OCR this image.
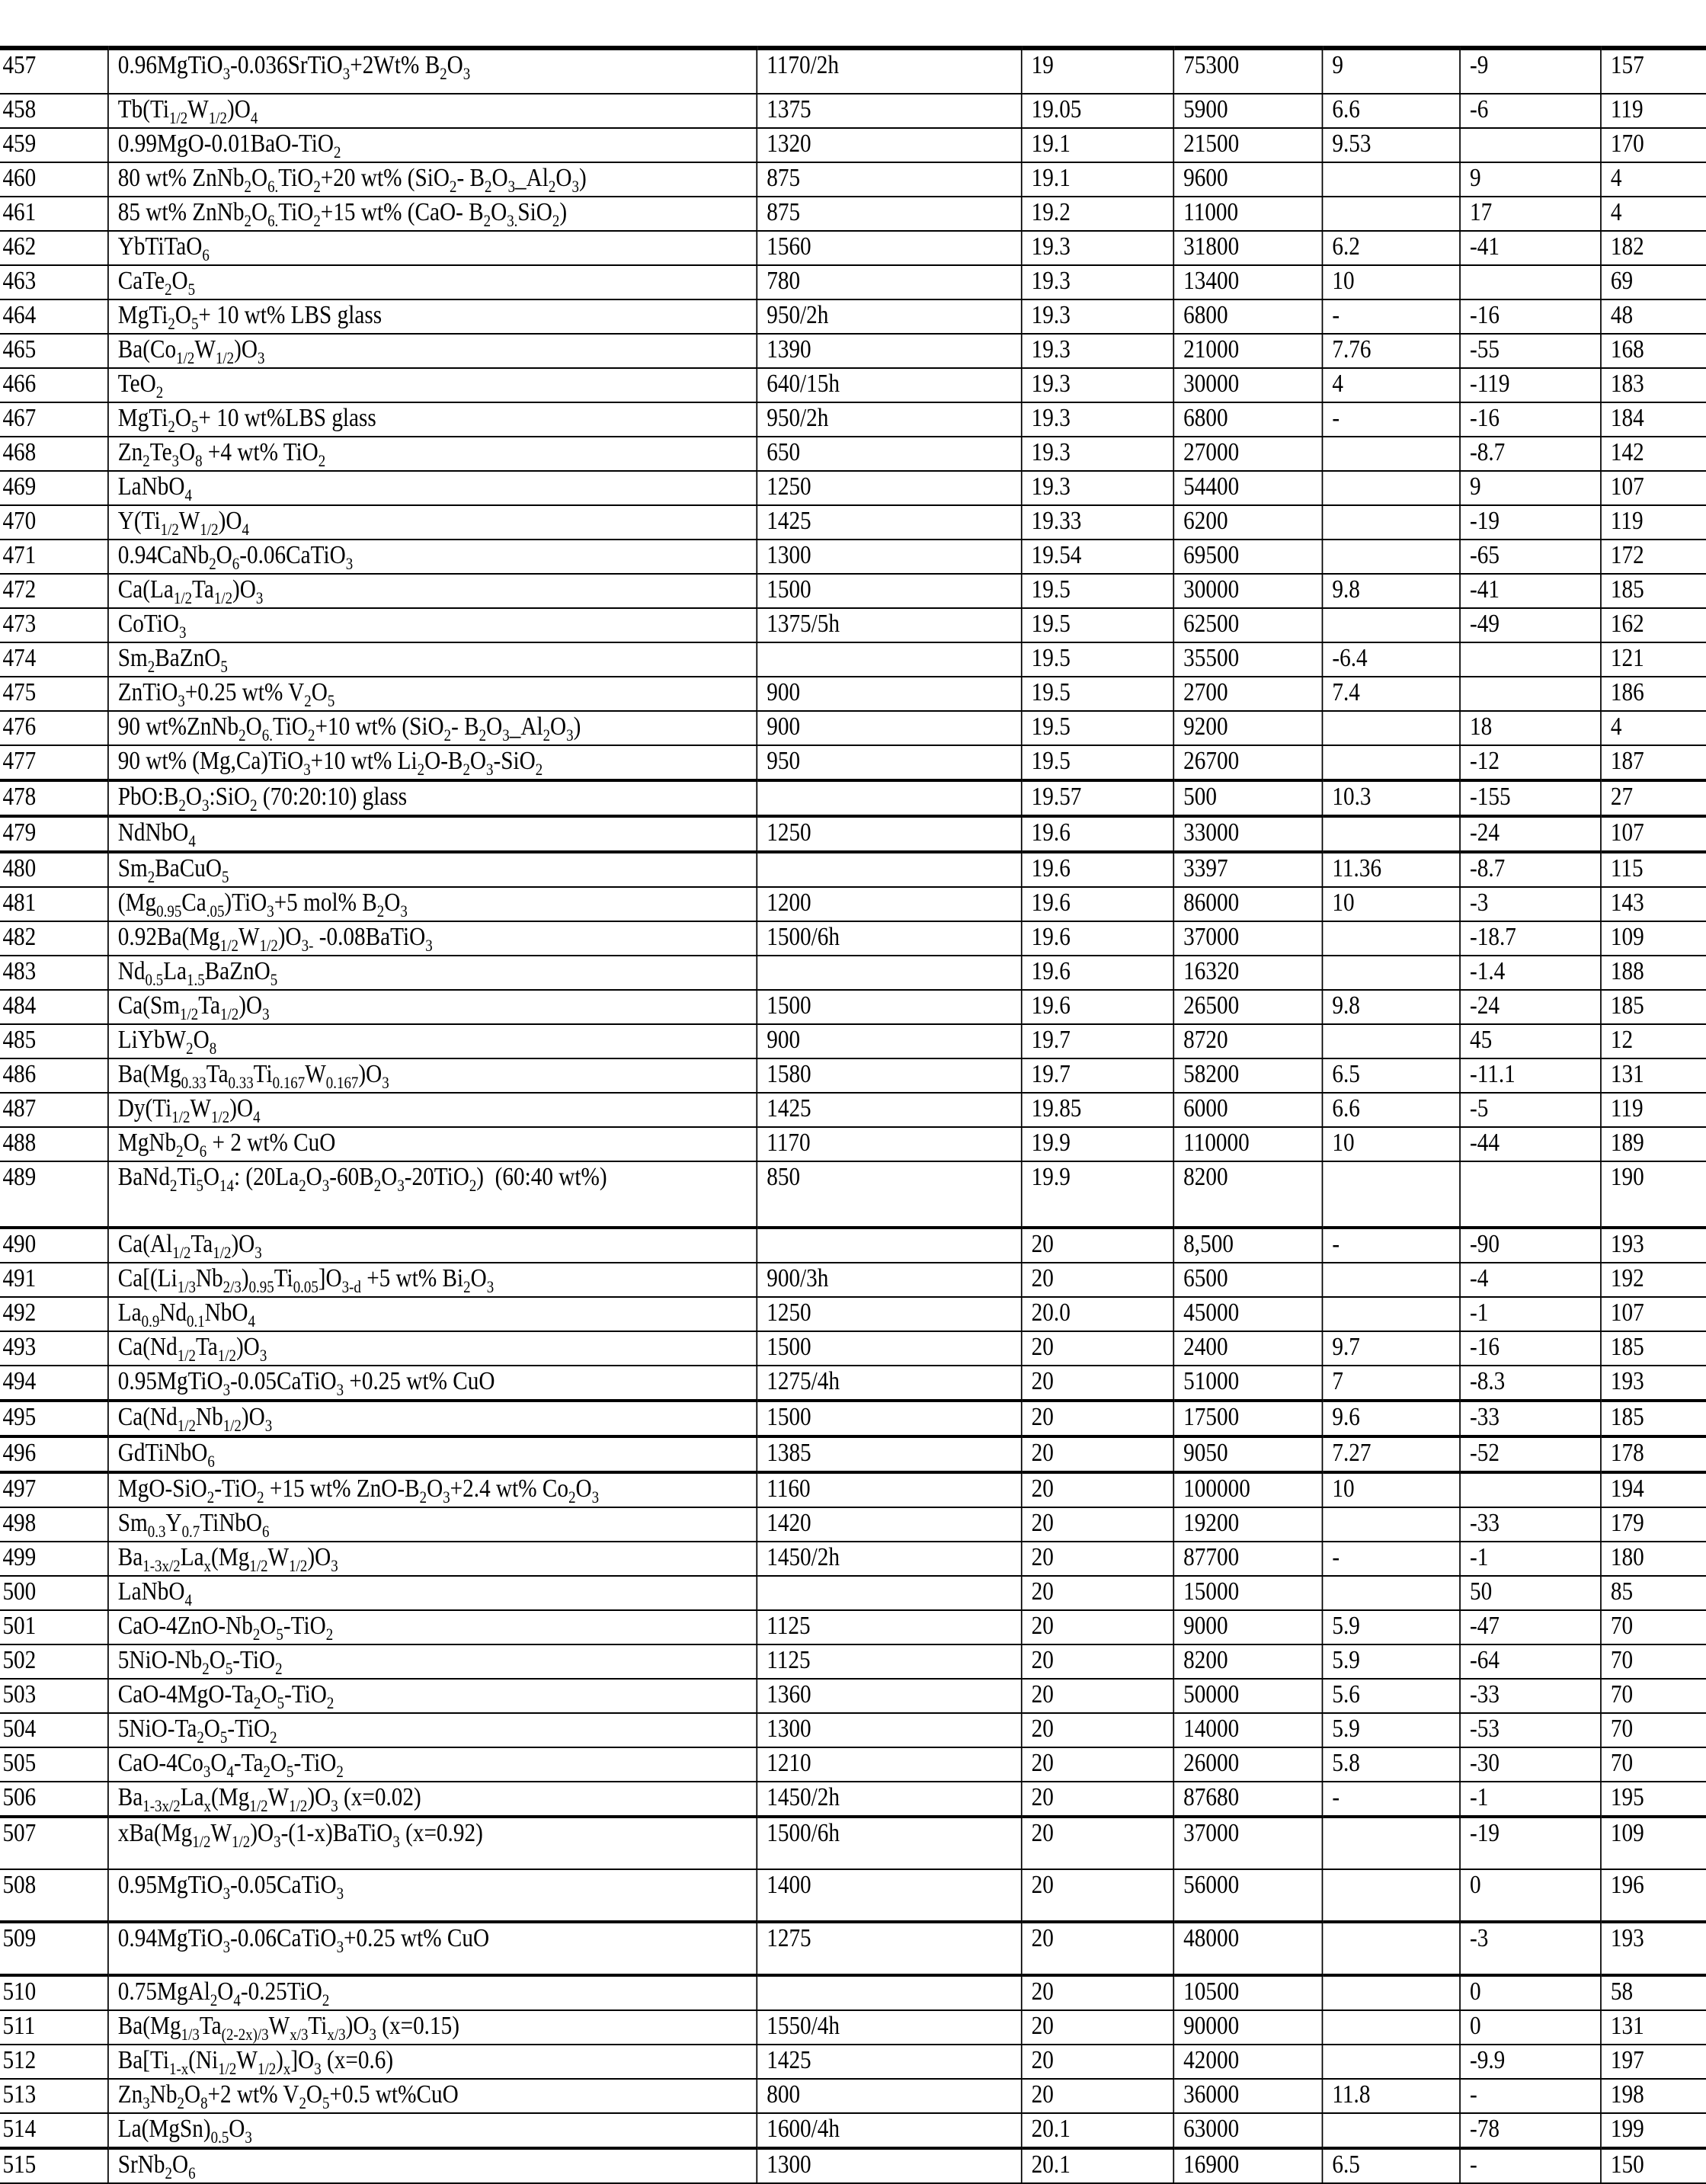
457	0.96MgTiO$_3$-0.036SrTiO$_3$+2Wt% $B_2O_3$	1170/2h	19	75300	9	-9	157
458	$Tb(Ti_{1/2}W_{1/2})O_4$	1375	19.05	5900	6.6	-6	119
459	0.99MgO-0.01BaO-TiO$_2$	1320	19.1	21500	9.53		170
460	80 wt% $ZnNb_2O_{6.}TiO_2+20$ wt% (SiO$_2$- $B_2O_3\_Al_2O_3$)	875	19.1	9600		9	4
461	85 wt% $ZnNb_2O_{6.}TiO_2+15$ wt% (CaO- $B_2O_{3.}SiO_2$)	875	19.2	11000		17	4
462	YbTiTaO$_6$	1560	19.3	31800	6.2	-41	182
463	$CaTe_2O_5$	780	19.3	13400	10		69
464	$MgTi_2O_5+ 10$ wt% LBS glass	950/2h	19.3	6800	-	-16	48
465	$Ba(Co_{1/2}W_{1/2})O_3$	1390	19.3	21000	7.76	-55	168
466	TeO$_2$	640/15h	19.3	30000	4	-119	183
467	$MgTi_2O_5+ 10$ wt%LBS glass	950/2h	19.3	6800	-	-16	184
468	$Zn_2Te_3O_8 +4$ wt% TiO$_2$	650	19.3	27000		-8.7	142
469	LaNbO$_4$	1250	19.3	54400		9	107
470	$Y(Ti_{1/2}W_{1/2})O_4$	1425	19.33	6200		-19	119
471	$0.94CaNb_2O_6-0.06CaTiO_3$	1300	19.54	69500		-65	172
472	$Ca(La_{1/2}Ta_{1/2})O_3$	1500	19.5	30000	9.8	-41	185
473	CoTiO$_3$	1375/5h	19.5	62500		-49	162
474	$Sm_2BaZnO_5$		19.5	35500	-6.4		121
475	ZnTiO$_3$+0.25 wt% $V_2O_5$	900	19.5	2700	7.4		186
476	90 $wt\%ZnNb_2O_{6.}TiO_2+10$ wt% (SiO$_2$- $B_2O_3\_Al_2O_3$)	900	19.5	9200		18	4
477	90 wt% (Mg,Ca)TiO$_3$+10 wt% $Li_2O-B_2O_3-SiO_2$	950	19.5	26700		-12	187
478	$PbO:B_2O_3:SiO_2$ (70:20:10) glass		19.57	500	10.3	-155	27
479	NdNbO$_4$	1250	19.6	33000		-24	107
480	$Sm_2BaCuO_5$		19.6	3397	11.36	-8.7	115
481	$(Mg_{0.95}Ca_{.05})TiO_3+5$ mol% $B_2O_3$	1200	19.6	86000	10	-3	143
482	$0.92Ba(Mg_{1/2}W_{1/2})O_{3-}$ -0.08BaTiO$_3$	1500/6h	19.6	37000		-18.7	109
483	$Nd_{0.5}La_{1.5}BaZnO_5$		19.6	16320		-1.4	188
484	$Ca(Sm_{1/2}Ta_{1/2})O_3$	1500	19.6	26500	9.8	-24	185
485	$LiYbW_2O_8$	900	19.7	8720		45	12
486	$Ba(Mg_{0.33}Ta_{0.33}Ti_{0.167}W_{0.167})O_3$	1580	19.7	58200	6.5	-11.1	131
487	$Dy(Ti_{1/2}W_{1/2})O_4$	1425	19.85	6000	6.6	-5	119
488	$MgNb_2O_6 + 2$ wt% CuO	1170	19.9	110000	10	-44	189
489	$BaNd_2Ti_5O_{14}$: $(20La_2O_3-60B_2O_3-20TiO_2)$  (60:40 wt%)	850	19.9	8200			190
490	$Ca(Al_{1/2}Ta_{1/2})O_3$		20	8,500	-	-90	193
491	$Ca[(Li_{1/3}Nb_{2/3})_{0.95}Ti_{0.05}]O_{3-d} +5$ wt% $Bi_2O_3$	900/3h	20	6500		-4	192
492	$La_{0.9}Nd_{0.1}NbO_4$	1250	20.0	45000		-1	107
493	$Ca(Nd_{1/2}Ta_{1/2})O_3$	1500	20	2400	9.7	-16	185
494	0.95MgTiO$_3$-0.05CaTiO$_3$ +0.25 wt% CuO	1275/4h	20	51000	7	-8.3	193
495	$Ca(Nd_{1/2}Nb_{1/2})O_3$	1500	20	17500	9.6	-33	185
496	GdTiNbO$_6$	1385	20	9050	7.27	-52	178
497	MgO-SiO$_2$-TiO$_2$ +15 wt% ZnO-$B_2O_3+2.4$ wt% $Co_2O_3$	1160	20	100000	10		194
498	$Sm_{0.3}Y_{0.7}TiNbO_6$	1420	20	19200		-33	179
499	$Ba_{1-3x/2}La_x(Mg_{1/2}W_{1/2})O_3$	1450/2h	20	87700	-	-1	180
500	LaNbO$_4$		20	15000		50	85
501	CaO-$4ZnO-Nb_2O_5-TiO_2$	1125	20	9000	5.9	-47	70
502	$5NiO-Nb_2O_5-TiO_2$	1125	20	8200	5.9	-64	70
503	CaO-$4MgO-Ta_2O_5-TiO_2$	1360	20	50000	5.6	-33	70
504	$5NiO-Ta_2O_5-TiO_2$	1300	20	14000	5.9	-53	70
505	CaO-$4Co_3O_4-Ta_2O_5-TiO_2$	1210	20	26000	5.8	-30	70
506	$Ba_{1-3x/2}La_x(Mg_{1/2}W_{1/2})O_3$ (x=0.02)	1450/2h	20	87680	-	-1	195
507	$xBa(Mg_{1/2}W_{1/2})O_3-(1-x)BaTiO_3$ (x=0.92)	1500/6h	20	37000		-19	109
508	0.95MgTiO$_3$-0.05CaTiO$_3$	1400	20	56000		0	196
509	0.94MgTiO$_3$-0.06CaTiO$_3$+0.25 wt% CuO	1275	20	48000		-3	193
510	$0.75MgAl_2O_4-0.25TiO_2$		20	10500		0	58
511	$Ba(Mg_{1/3}Ta_{(2-2x)/3}W_{x/3}Ti_{x/3})O_3$ (x=0.15)	1550/4h	20	90000		0	131
512	$Ba[Ti_{1-x}(Ni_{1/2}W_{1/2})_x]O_3$ (x=0.6)	1425	20	42000		-9.9	197
513	$Zn_3Nb_2O_8+2$ wt% $V_2O_5+0.5$ wt%CuO	800	20	36000	11.8	-	198
514	$La(MgSn)_{0.5}O_3$	1600/4h	20.1	63000		-78	199
515	$SrNb_2O_6$	1300	20.1	16900	6.5	-	150
